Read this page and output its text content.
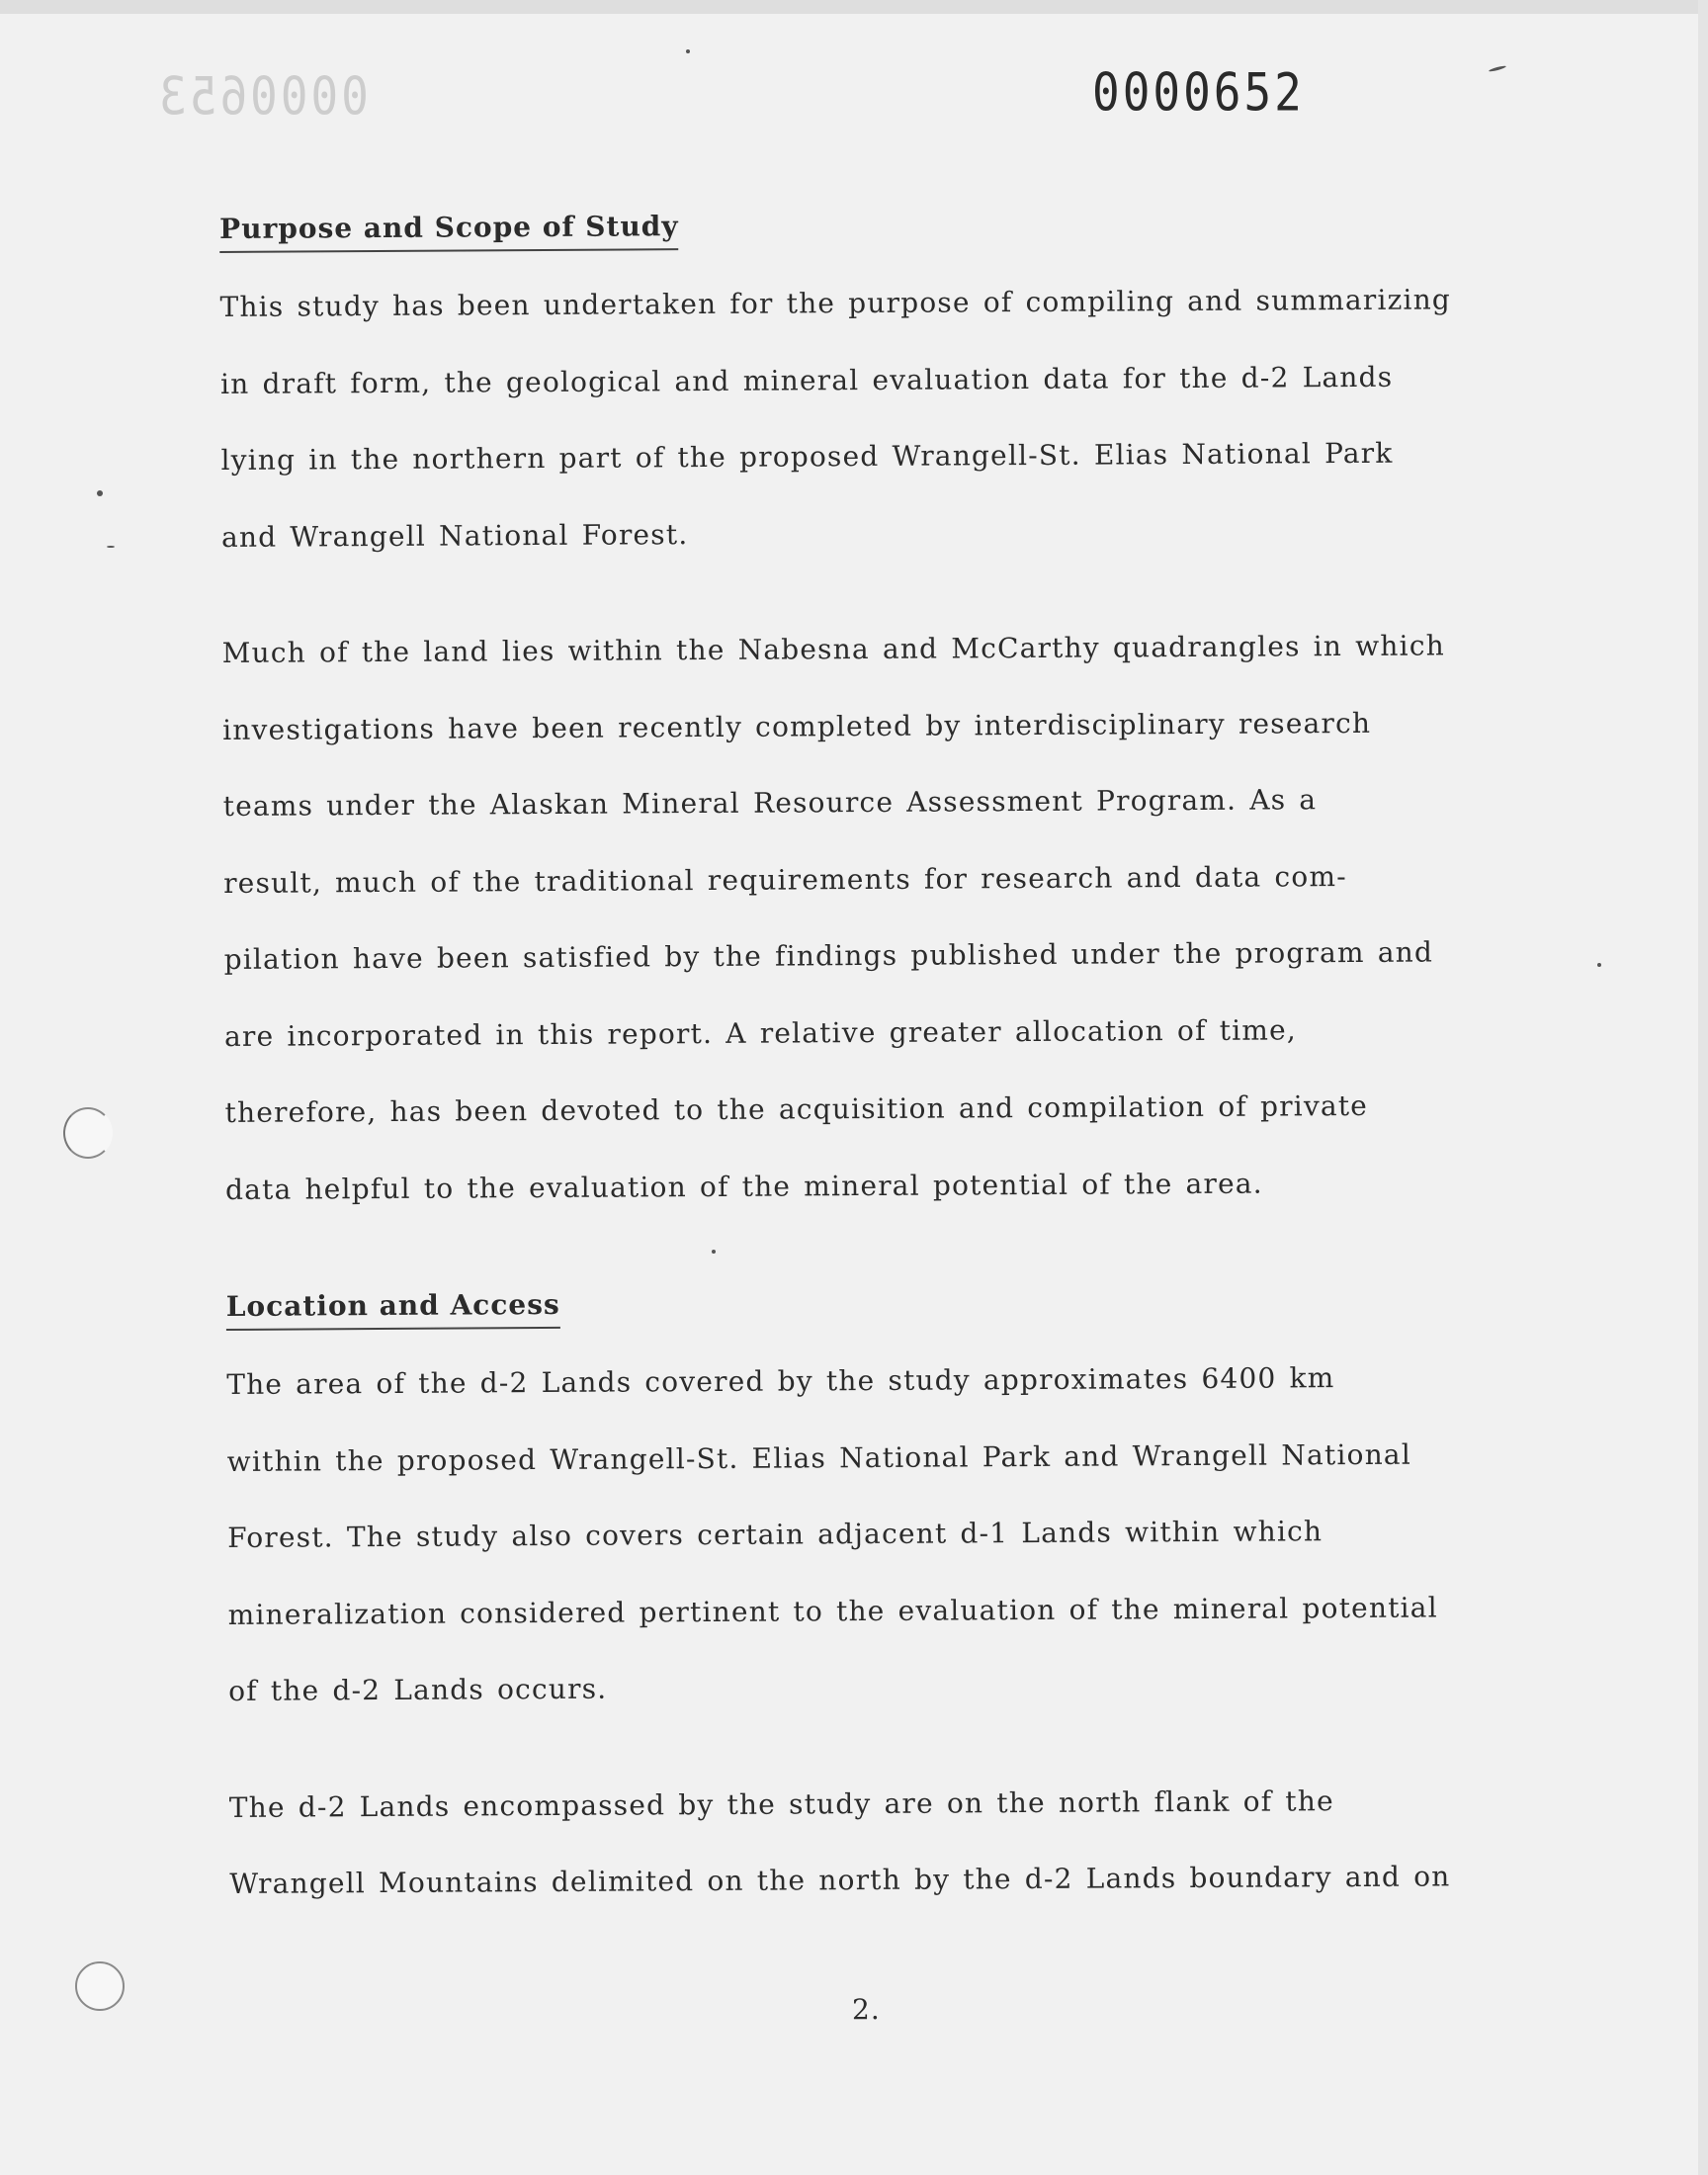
0000653	0000652
Purpose and Scope of Study

This study has been undertaken for the purpose of compiling and summarizing
in draft form, the geological and mineral evaluation data for the d-2 Lands
lying in the northern part of the proposed Wrangell-St. Elias National Park
and Wrangell National Forest.

Much of the land lies within the Nabesna and McCarthy quadrangles in which
investigations have been recently completed by interdisciplinary research
teams under the Alaskan Mineral Resource Assessment Program. As a
result, much of the traditional requirements for research and data com-
pilation have been satisfied by the findings published under the program and
are incorporated in this report. A relative greater allocation of time,
therefore, has been devoted to the acquisition and compilation of private
data helpful to the evaluation of the mineral potential of the area.

Location and Access

The area of the d-2 Lands covered by the study approximates 6400 km
within the proposed Wrangell-St. Elias National Park and Wrangell National
Forest. The study also covers certain adjacent d-1 Lands within which
mineralization considered pertinent to the evaluation of the mineral potential
of the d-2 Lands occurs.

The d-2 Lands encompassed by the study are on the north flank of the
Wrangell Mountains delimited on the north by the d-2 Lands boundary and on

2.
